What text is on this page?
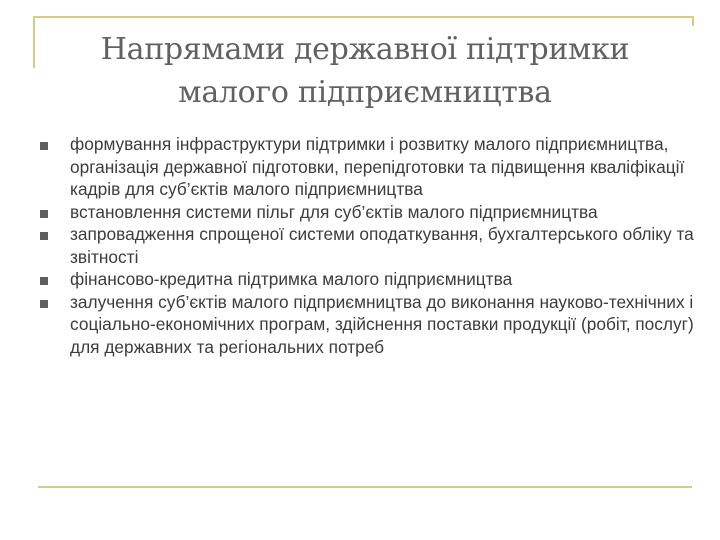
Напрямами державної підтримки
малого підприємництва
формування інфраструктури підтримки і розвитку малого підприємництва, організація державної підготовки, перепідготовки та підвищення кваліфікації кадрів для суб’єктів малого підприємництва
встановлення системи пільг для суб’єктів малого підприємництва
запровадження спрощеної системи оподаткування, бухгалтерського обліку та звітності
фінансово-кредитна підтримка малого підприємництва
залучення суб’єктів малого підприємництва до виконання науково-технічних і соціально-економічних програм, здійснення поставки продукції (робіт, послуг) для державних та регіональних потреб
